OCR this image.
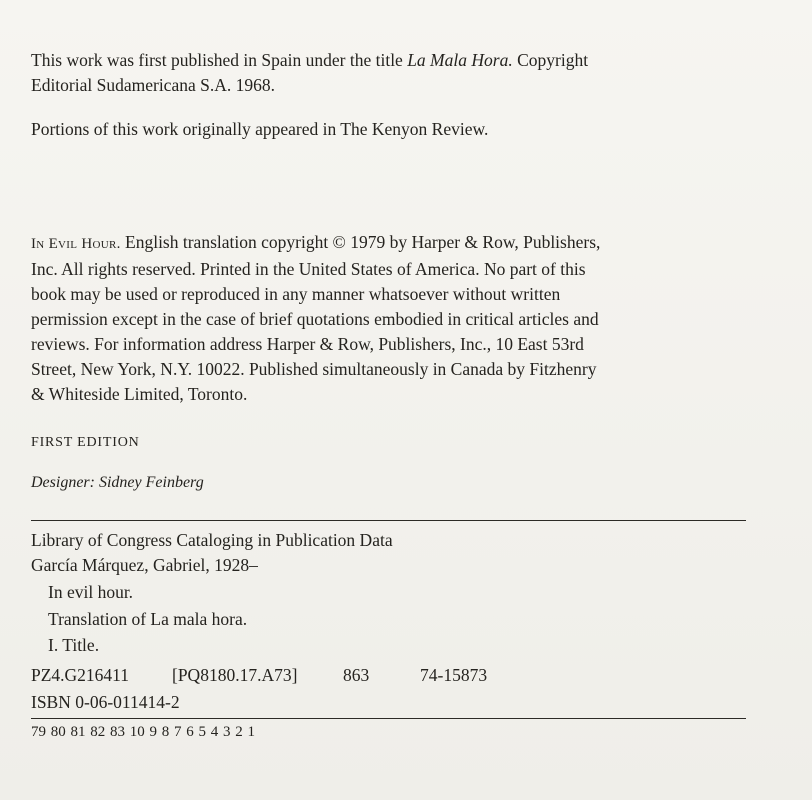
This work was first published in Spain under the title La Mala Hora. Copyright
Editorial Sudamericana S.A. 1968.
Portions of this work originally appeared in The Kenyon Review.
In Evil Hour. English translation copyright © 1979 by Harper & Row, Publishers,
Inc. All rights reserved. Printed in the United States of America. No part of this
book may be used or reproduced in any manner whatsoever without written
permission except in the case of brief quotations embodied in critical articles and
reviews. For information address Harper & Row, Publishers, Inc., 10 East 53rd
Street, New York, N.Y. 10022. Published simultaneously in Canada by Fitzhenry
& Whiteside Limited, Toronto.
FIRST EDITION
Designer: Sidney Feinberg
Library of Congress Cataloging in Publication Data
García Márquez, Gabriel, 1928–
In evil hour.
Translation of La mala hora.
I. Title.
PZ4.G216411 [PQ8180.17.A73]	863	74-15873
ISBN 0-06-011414-2
79 80 81 82 83 10 9 8 7 6 5 4 3 2 1
